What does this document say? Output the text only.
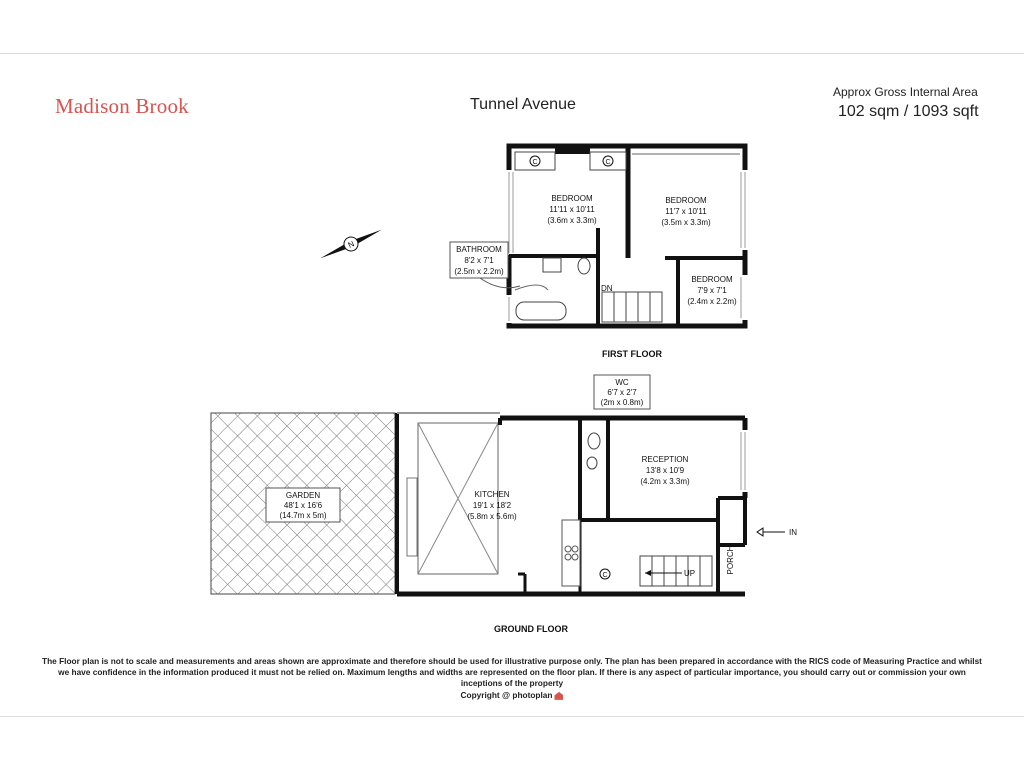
Madison Brook	Tunnel Avenue
Approx Gross Internal Area
102 sqm / 1093 sqft
C	C
DN
BEDROOM
11'11 x 10'11
(3.6m x 3.3m)
BEDROOM
11'7 x 10'11
(3.5m x 3.3m)
BEDROOM
7'9 x 7'1
(2.4m x 2.2m)
BATHROOM
8'2 x 7'1
(2.5m x 2.2m)
N
FIRST FLOOR
GARDEN
48'1 x 16'6
(14.7m x 5m)
PORCH
IN
UP
C
KITCHEN
19'1 x 18'2
(5.8m x 5.6m)
RECEPTION
13'8 x 10'9
(4.2m x 3.3m)
WC
6'7 x 2'7
(2m x 0.8m)
GROUND FLOOR
The Floor plan is not to scale and measurements and areas shown are approximate and therefore should be used for illustrative purpose only. The plan has been prepared in accordance with the RICS code of Measuring Practice and whilst we have confidence in the information produced it must not be relied on. Maximum lengths and widths are represented on the floor plan. If there is any aspect of particular importance, you should carry out or commission your own inceptions of the property
Copyright @ photoplan
